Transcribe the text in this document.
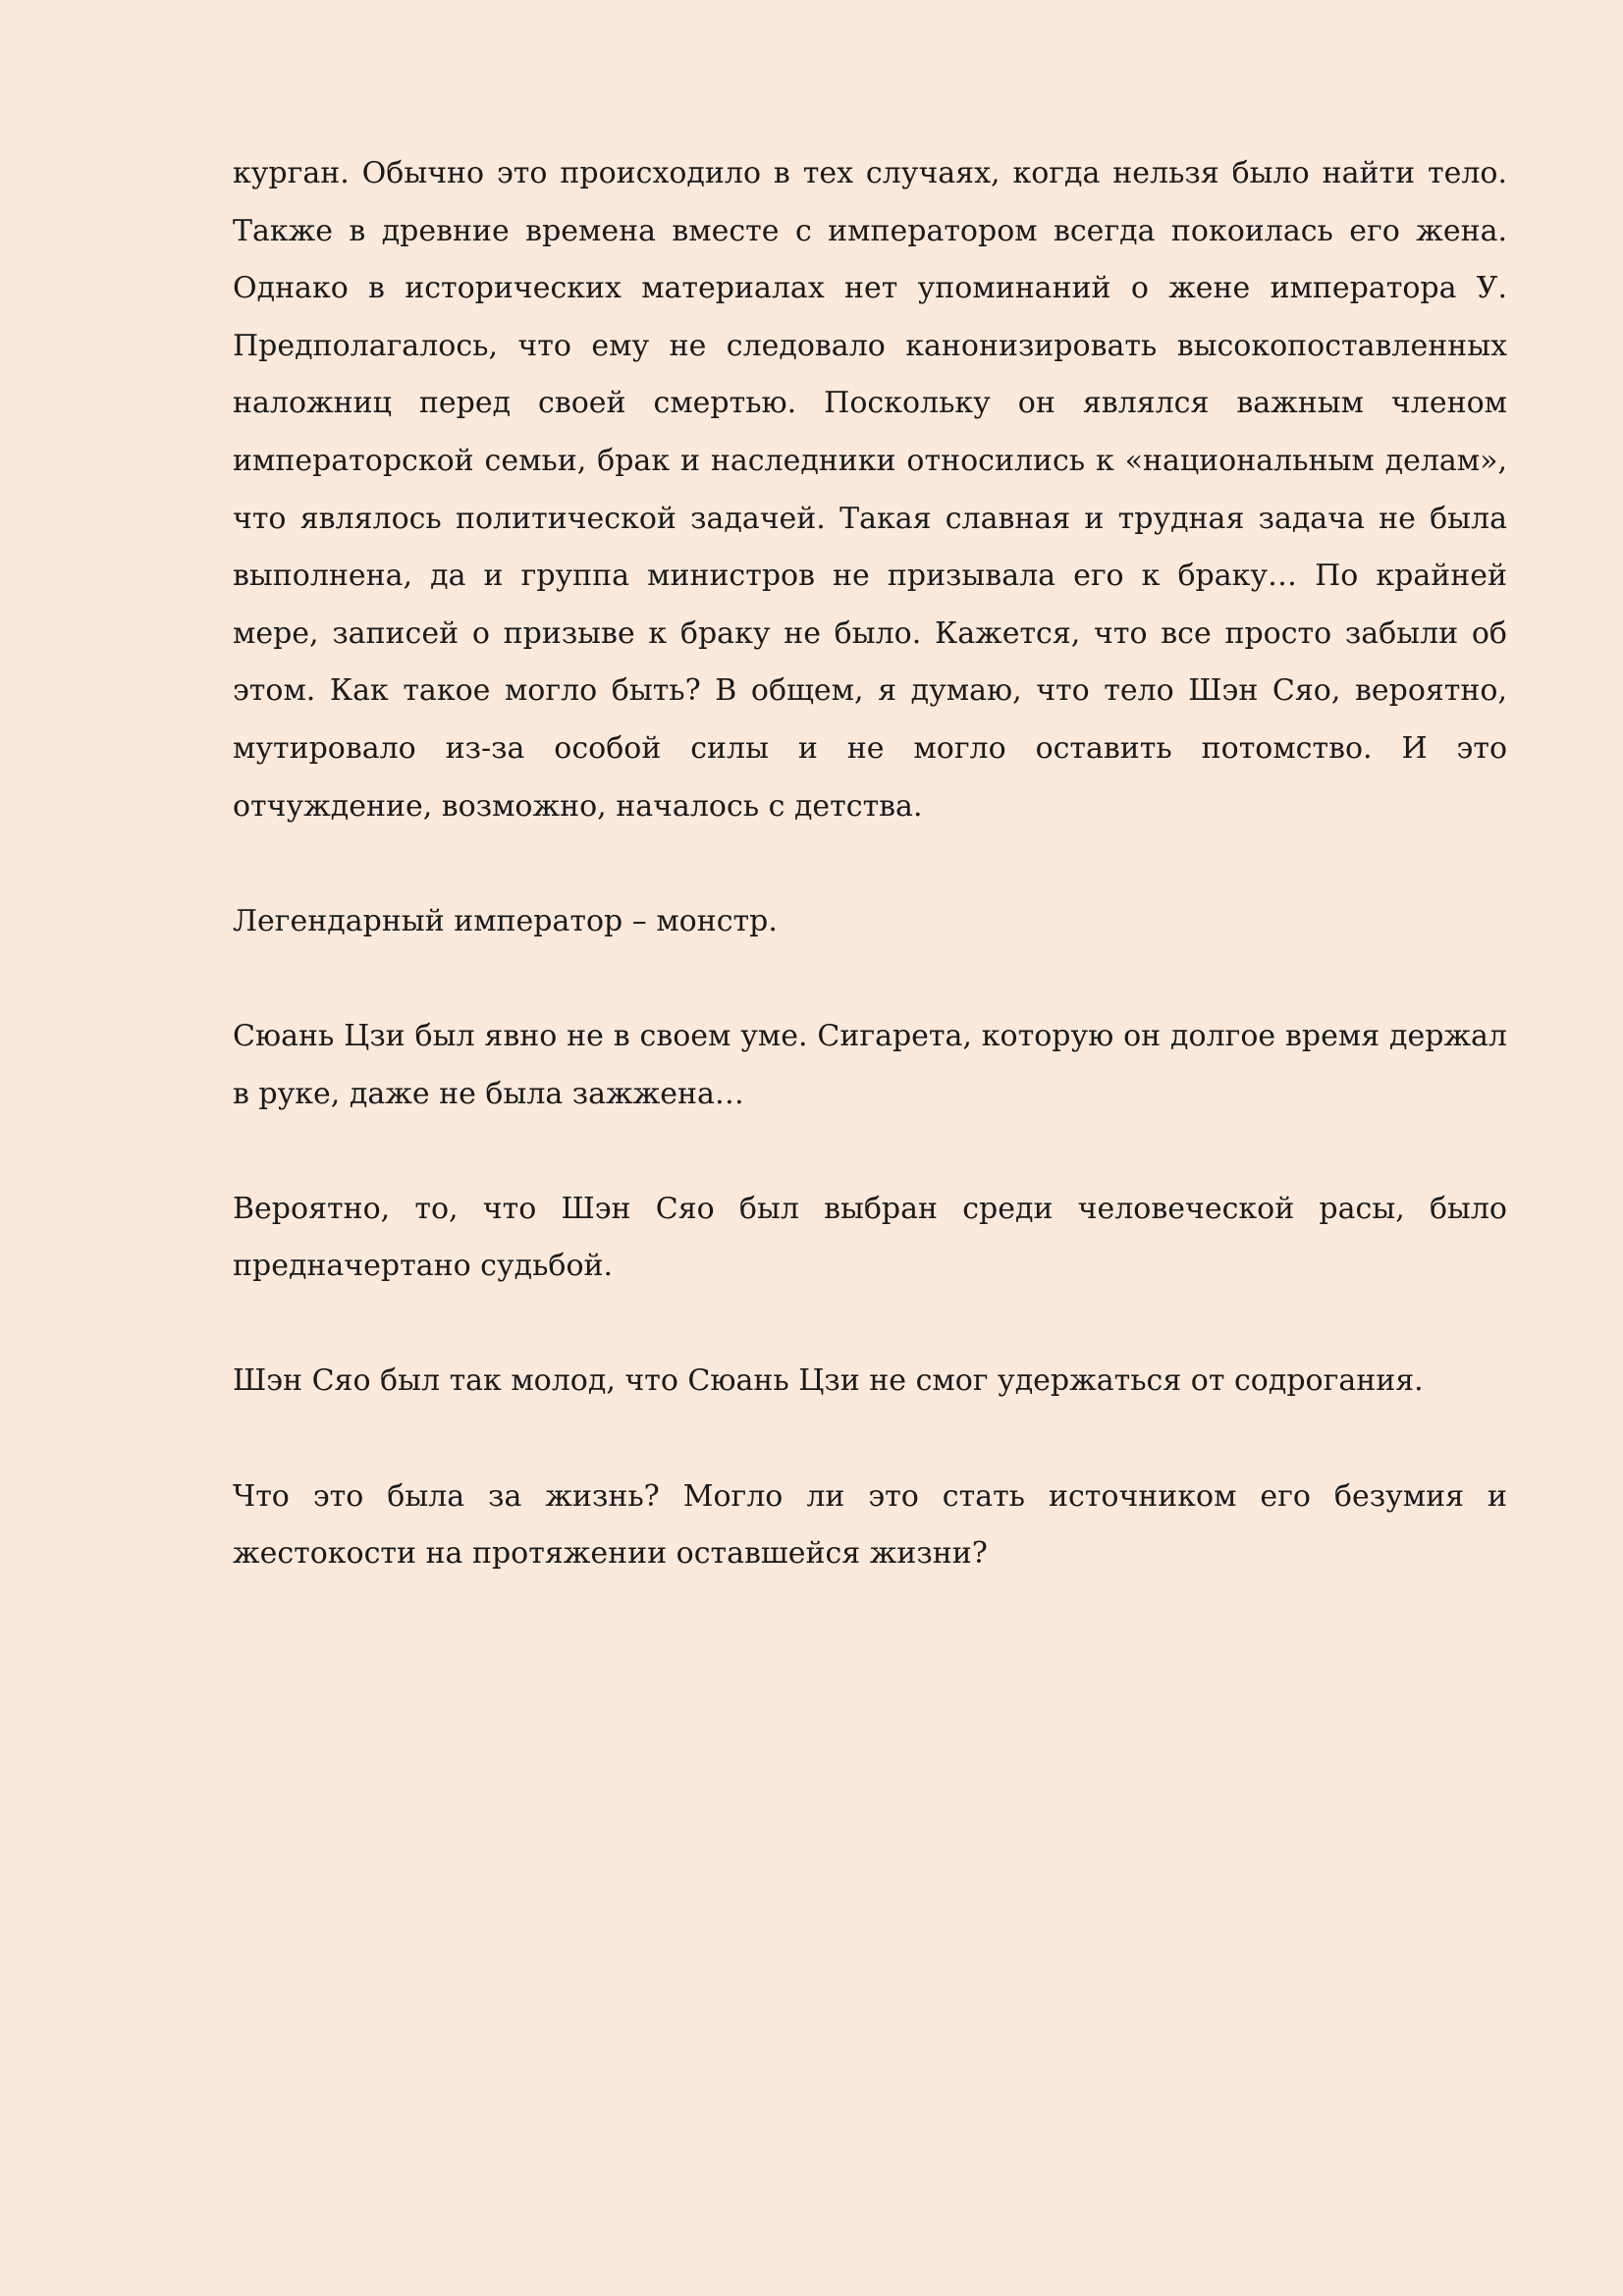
курган. Обычно это происходило в тех случаях, когда нельзя было найти тело. Также в древние времена вместе с императором всегда покоилась его жена. Однако в исторических материалах нет упоминаний о жене императора У. Предполагалось, что ему не следовало канонизировать высокопоставленных наложниц перед своей смертью. Поскольку он являлся важным членом императорской семьи, брак и наследники относились к «национальным делам», что являлось политической задачей. Такая славная и трудная задача не была выполнена, да и группа министров не призывала его к браку… По крайней мере, записей о призыве к браку не было. Кажется, что все просто забыли об этом. Как такое могло быть? В общем, я думаю, что тело Шэн Сяо, вероятно, мутировало из-за особой силы и не могло оставить потомство. И это отчуждение, возможно, началось с детства.

Легендарный император – монстр.

Сюань Цзи был явно не в своем уме. Сигарета, которую он долгое время держал в руке, даже не была зажжена…

Вероятно, то, что Шэн Сяо был выбран среди человеческой расы, было предначертано судьбой.

Шэн Сяо был так молод, что Сюань Цзи не смог удержаться от содрогания.

Что это была за жизнь? Могло ли это стать источником его безумия и жестокости на протяжении оставшейся жизни?
